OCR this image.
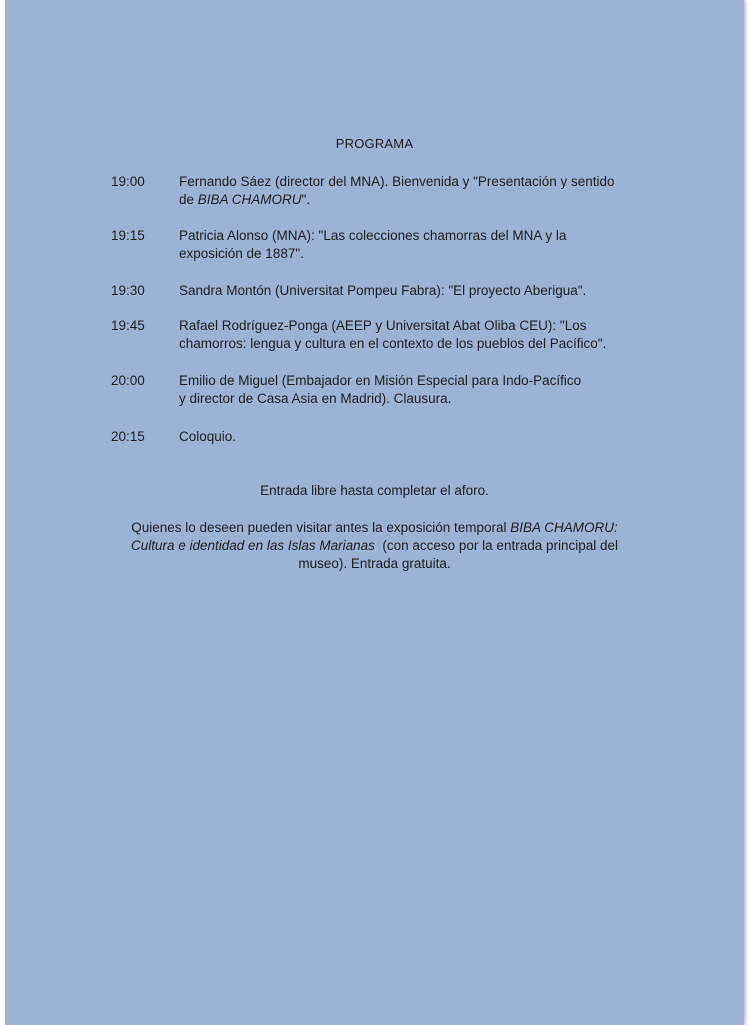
PROGRAMA
19:00	Fernando Sáez (director del MNA). Bienvenida y "Presentación y sentido
de BIBA CHAMORU".
19:15	Patricia Alonso (MNA): "Las colecciones chamorras del MNA y la
exposición de 1887".
19:30	Sandra Montón (Universitat Pompeu Fabra): "El proyecto Aberigua".
19:45	Rafael Rodríguez-Ponga (AEEP y Universitat Abat Oliba CEU): "Los
chamorros: lengua y cultura en el contexto de los pueblos del Pacífico".
20:00	Emilio de Miguel (Embajador en Misión Especial para Indo-Pacífico
y director de Casa Asia en Madrid). Clausura.
20:15	Coloquio.
Entrada libre hasta completar el aforo.
Quienes lo deseen pueden visitar antes la exposición temporal BIBA CHAMORU:
Cultura e identidad en las Islas Marianas  (con acceso por la entrada principal del
museo). Entrada gratuita.
